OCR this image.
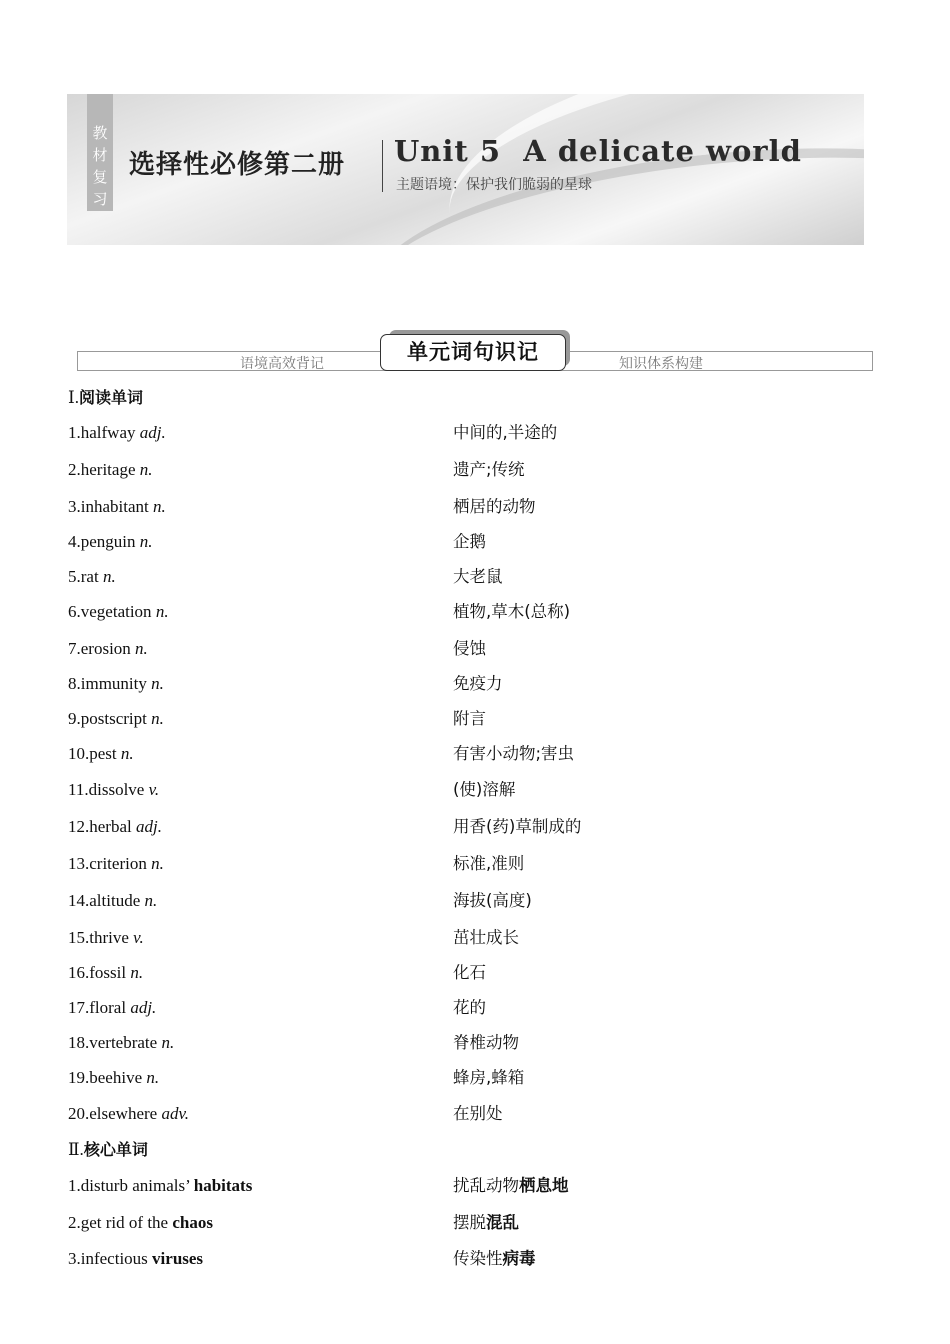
教
材
复
习
选择性必修第二册 Unit 5  A delicate world
主题语境：保护我们脆弱的星球
语境高效背记	知识体系构建
单元词句识记
Ⅰ.阅读单词
1.halfway adj.	中间的,半途的
2.heritage n.	遗产;传统
3.inhabitant n.	栖居的动物
4.penguin n.	企鹅
5.rat n.	大老鼠
6.vegetation n.	植物,草木(总称)
7.erosion n.	侵蚀
8.immunity n.	免疫力
9.postscript n.	附言
10.pest n.	有害小动物;害虫
11.dissolve v.	(使)溶解
12.herbal adj.	用香(药)草制成的
13.criterion n.	标准,准则
14.altitude n.	海拔(高度)
15.thrive v.	茁壮成长
16.fossil n.	化石
17.floral adj.	花的
18.vertebrate n.	脊椎动物
19.beehive n.	蜂房,蜂箱
20.elsewhere adv.	在别处
Ⅱ.核心单词
1.disturb animals’ habitats	扰乱动物栖息地
2.get rid of the chaos	摆脱混乱
3.infectious viruses	传染性病毒
